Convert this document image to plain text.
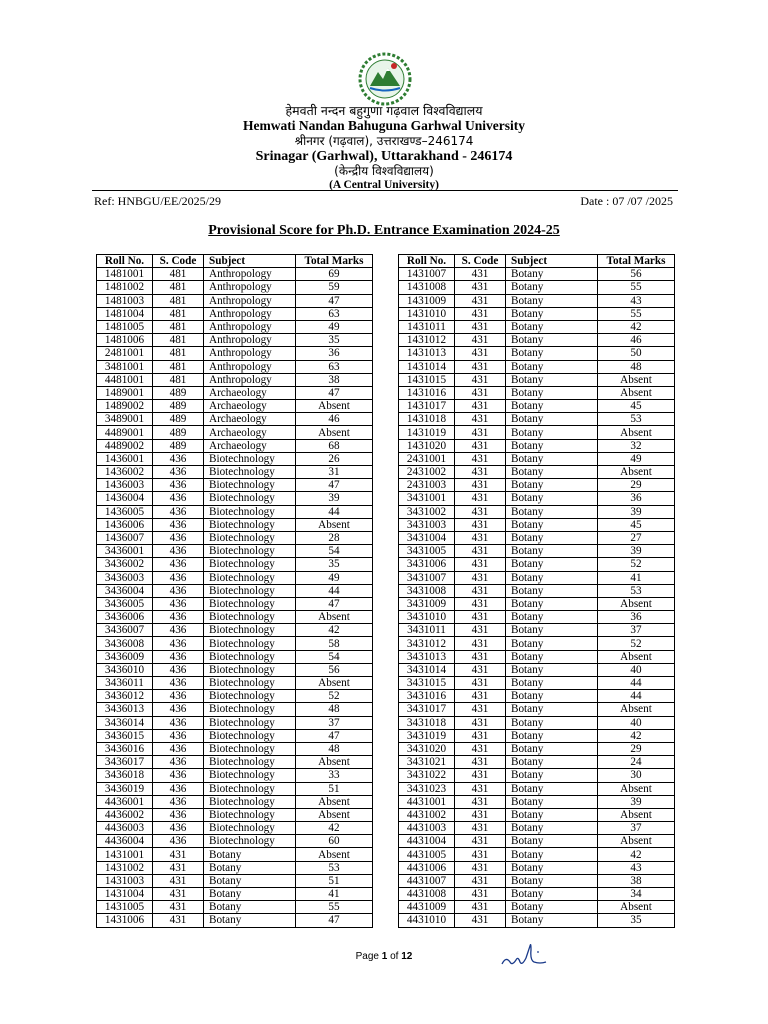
हेमवती नन्दन बहुगुणा गढ़वाल विश्वविद्यालय
Hemwati Nandan Bahuguna Garhwal University
श्रीनगर (गढ़वाल), उत्तराखण्ड–246174
Srinagar (Garhwal), Uttarakhand - 246174
(केन्द्रीय विश्वविद्यालय)
(A Central University)
Ref: HNBGU/EE/2025/29	Date : 07 /07 /2025
Provisional Score for Ph.D. Entrance Examination 2024-25
Roll No.	S. Code	Subject	Total Marks
1481001	481	Anthropology	69
1481002	481	Anthropology	59
1481003	481	Anthropology	47
1481004	481	Anthropology	63
1481005	481	Anthropology	49
1481006	481	Anthropology	35
2481001	481	Anthropology	36
3481001	481	Anthropology	63
4481001	481	Anthropology	38
1489001	489	Archaeology	47
1489002	489	Archaeology	Absent
3489001	489	Archaeology	46
4489001	489	Archaeology	Absent
4489002	489	Archaeology	68
1436001	436	Biotechnology	26
1436002	436	Biotechnology	31
1436003	436	Biotechnology	47
1436004	436	Biotechnology	39
1436005	436	Biotechnology	44
1436006	436	Biotechnology	Absent
1436007	436	Biotechnology	28
3436001	436	Biotechnology	54
3436002	436	Biotechnology	35
3436003	436	Biotechnology	49
3436004	436	Biotechnology	44
3436005	436	Biotechnology	47
3436006	436	Biotechnology	Absent
3436007	436	Biotechnology	42
3436008	436	Biotechnology	58
3436009	436	Biotechnology	54
3436010	436	Biotechnology	56
3436011	436	Biotechnology	Absent
3436012	436	Biotechnology	52
3436013	436	Biotechnology	48
3436014	436	Biotechnology	37
3436015	436	Biotechnology	47
3436016	436	Biotechnology	48
3436017	436	Biotechnology	Absent
3436018	436	Biotechnology	33
3436019	436	Biotechnology	51
4436001	436	Biotechnology	Absent
4436002	436	Biotechnology	Absent
4436003	436	Biotechnology	42
4436004	436	Biotechnology	60
1431001	431	Botany	Absent
1431002	431	Botany	53
1431003	431	Botany	51
1431004	431	Botany	41
1431005	431	Botany	55
1431006	431	Botany	47
Roll No.	S. Code	Subject	Total Marks
1431007	431	Botany	56
1431008	431	Botany	55
1431009	431	Botany	43
1431010	431	Botany	55
1431011	431	Botany	42
1431012	431	Botany	46
1431013	431	Botany	50
1431014	431	Botany	48
1431015	431	Botany	Absent
1431016	431	Botany	Absent
1431017	431	Botany	45
1431018	431	Botany	53
1431019	431	Botany	Absent
1431020	431	Botany	32
2431001	431	Botany	49
2431002	431	Botany	Absent
2431003	431	Botany	29
3431001	431	Botany	36
3431002	431	Botany	39
3431003	431	Botany	45
3431004	431	Botany	27
3431005	431	Botany	39
3431006	431	Botany	52
3431007	431	Botany	41
3431008	431	Botany	53
3431009	431	Botany	Absent
3431010	431	Botany	36
3431011	431	Botany	37
3431012	431	Botany	52
3431013	431	Botany	Absent
3431014	431	Botany	40
3431015	431	Botany	44
3431016	431	Botany	44
3431017	431	Botany	Absent
3431018	431	Botany	40
3431019	431	Botany	42
3431020	431	Botany	29
3431021	431	Botany	24
3431022	431	Botany	30
3431023	431	Botany	Absent
4431001	431	Botany	39
4431002	431	Botany	Absent
4431003	431	Botany	37
4431004	431	Botany	Absent
4431005	431	Botany	42
4431006	431	Botany	43
4431007	431	Botany	38
4431008	431	Botany	34
4431009	431	Botany	Absent
4431010	431	Botany	35
Page 1 of 12
